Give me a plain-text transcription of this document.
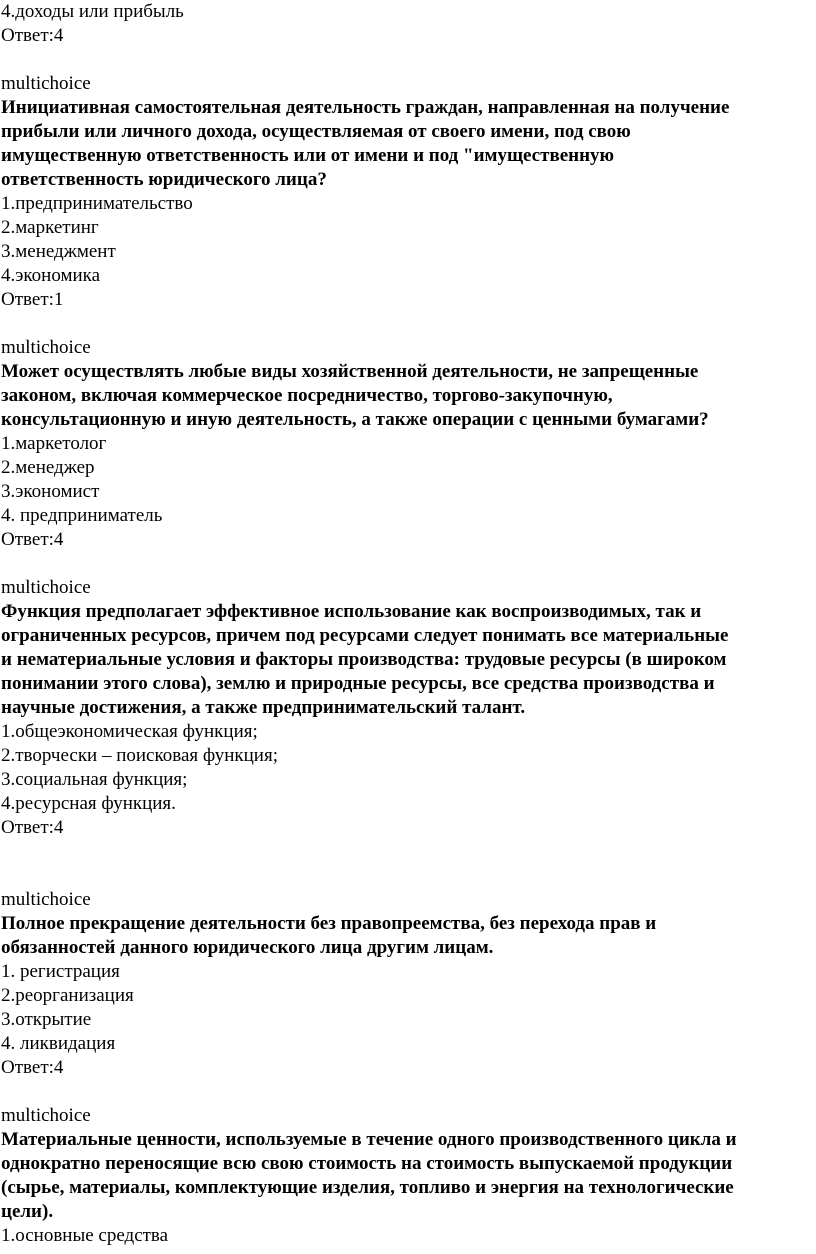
4.доходы или прибыль
Ответ:4
multichoice
Инициативная самостоятельная деятельность граждан, направленная на получение
прибыли или личного дохода, осуществляемая от своего имени, под свою
имущественную ответственность или от имени и под "имущественную
ответственность юридического лица?
1.предпринимательство
2.маркетинг
3.менеджмент
4.экономика
Ответ:1
multichoice
Может осуществлять любые виды хозяйственной деятельности, не запрещенные
законом, включая коммерческое посредничество, торгово-закупочную,
консультационную и иную деятельность, а также операции с ценными бумагами?
1.маркетолог
2.менеджер
3.экономист
4. предприниматель
Ответ:4
multichoice
Функция предполагает эффективное использование как воспроизводимых, так и
ограниченных ресурсов, причем под ресурсами следует понимать все материальные
и нематериальные условия и факторы производства: трудовые ресурсы (в широком
понимании этого слова), землю и природные ресурсы, все средства производства и
научные достижения, а также предпринимательский талант.
1.общеэкономическая функция;
2.творчески – поисковая функция;
3.социальная функция;
4.ресурсная функция.
Ответ:4
multichoice
Полное прекращение деятельности без правопреемства, без перехода прав и
обязанностей данного юридического лица другим лицам.
1. регистрация
2.реорганизация
3.открытие
4. ликвидация
Ответ:4
multichoice
Материальные ценности, используемые в течение одного производственного цикла и
однократно переносящие всю свою стоимость на стоимость выпускаемой продукции
(сырье, материалы, комплектующие изделия, топливо и энергия на технологические
цели).
1.основные средства
